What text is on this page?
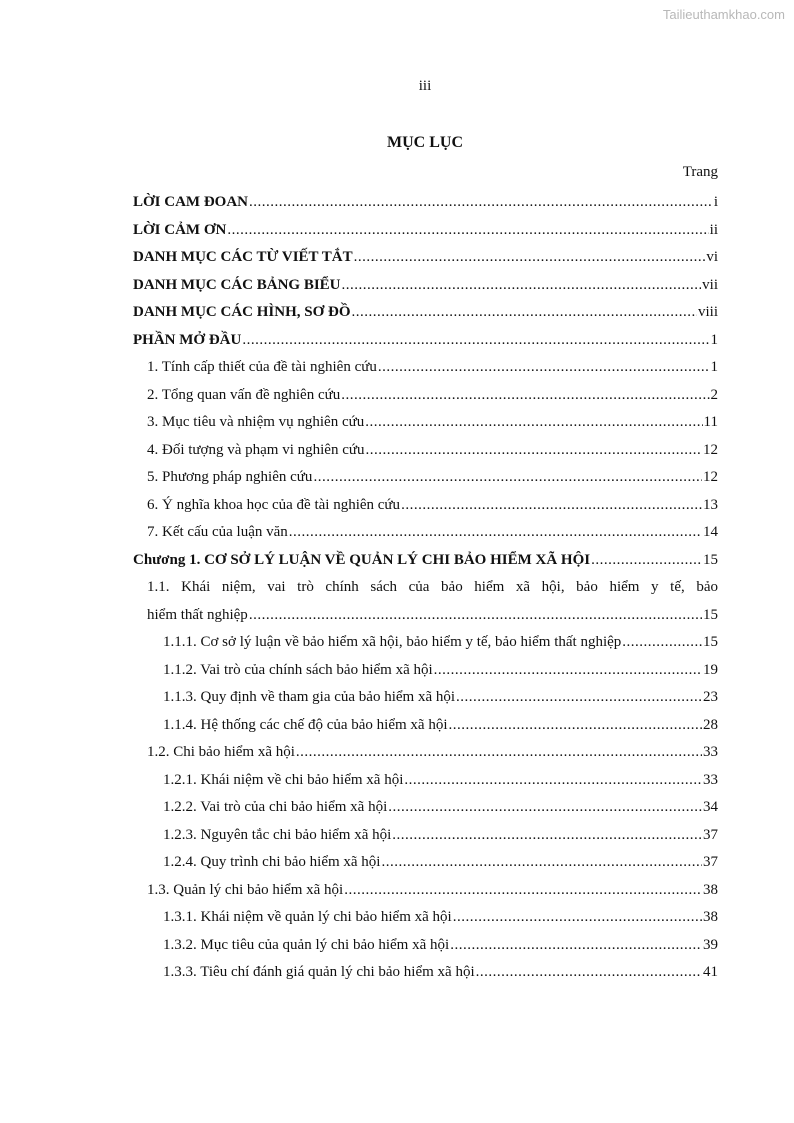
Tailieuthamkhao.com
iii
MỤC LỤC
Trang
LỜI CAM ĐOAN .....	i
LỜI CẢM ƠN .....	ii
DANH MỤC CÁC TỪ VIẾT TẮT .....	vi
DANH MỤC CÁC BẢNG BIỂU .....	vii
DANH MỤC CÁC HÌNH, SƠ ĐỒ .....	viii
PHẦN MỞ ĐẦU .....	1
1. Tính cấp thiết của đề tài nghiên cứu .....	1
2. Tổng quan vấn đề nghiên cứu .....	2
3. Mục tiêu và nhiệm vụ nghiên cứu .....	11
4. Đối tượng và phạm vi nghiên cứu .....	12
5. Phương pháp nghiên cứu .....	12
6. Ý nghĩa khoa học của đề tài nghiên cứu .....	13
7. Kết cấu của luận văn .....	14
Chương 1. CƠ SỞ LÝ LUẬN VỀ QUẢN LÝ CHI BẢO HIỂM XÃ HỘI .....	15
1.1. Khái niệm, vai trò chính sách của bảo hiểm xã hội, bảo hiểm y tế, bảo
hiểm thất nghiệp .....	15
1.1.1. Cơ sở lý luận về bảo hiểm xã hội, bảo hiểm y tế, bảo hiểm thất nghiệp .....	15
1.1.2. Vai trò của chính sách bảo hiểm xã hội .....	19
1.1.3. Quy định về tham gia của bảo hiểm xã hội .....	23
1.1.4. Hệ thống các chế độ của bảo hiểm xã hội .....	28
1.2. Chi bảo hiểm xã hội .....	33
1.2.1. Khái niệm về chi bảo hiểm xã hội .....	33
1.2.2. Vai trò của chi bảo hiểm xã hội .....	34
1.2.3. Nguyên tắc chi bảo hiểm xã hội .....	37
1.2.4. Quy trình chi bảo hiểm xã hội .....	37
1.3. Quản lý chi bảo hiểm xã hội .....	38
1.3.1. Khái niệm về quản lý chi bảo hiểm xã hội .....	38
1.3.2. Mục tiêu của quản lý chi bảo hiểm xã hội .....	39
1.3.3. Tiêu chí đánh giá quản lý chi bảo hiểm xã hội .....	41
